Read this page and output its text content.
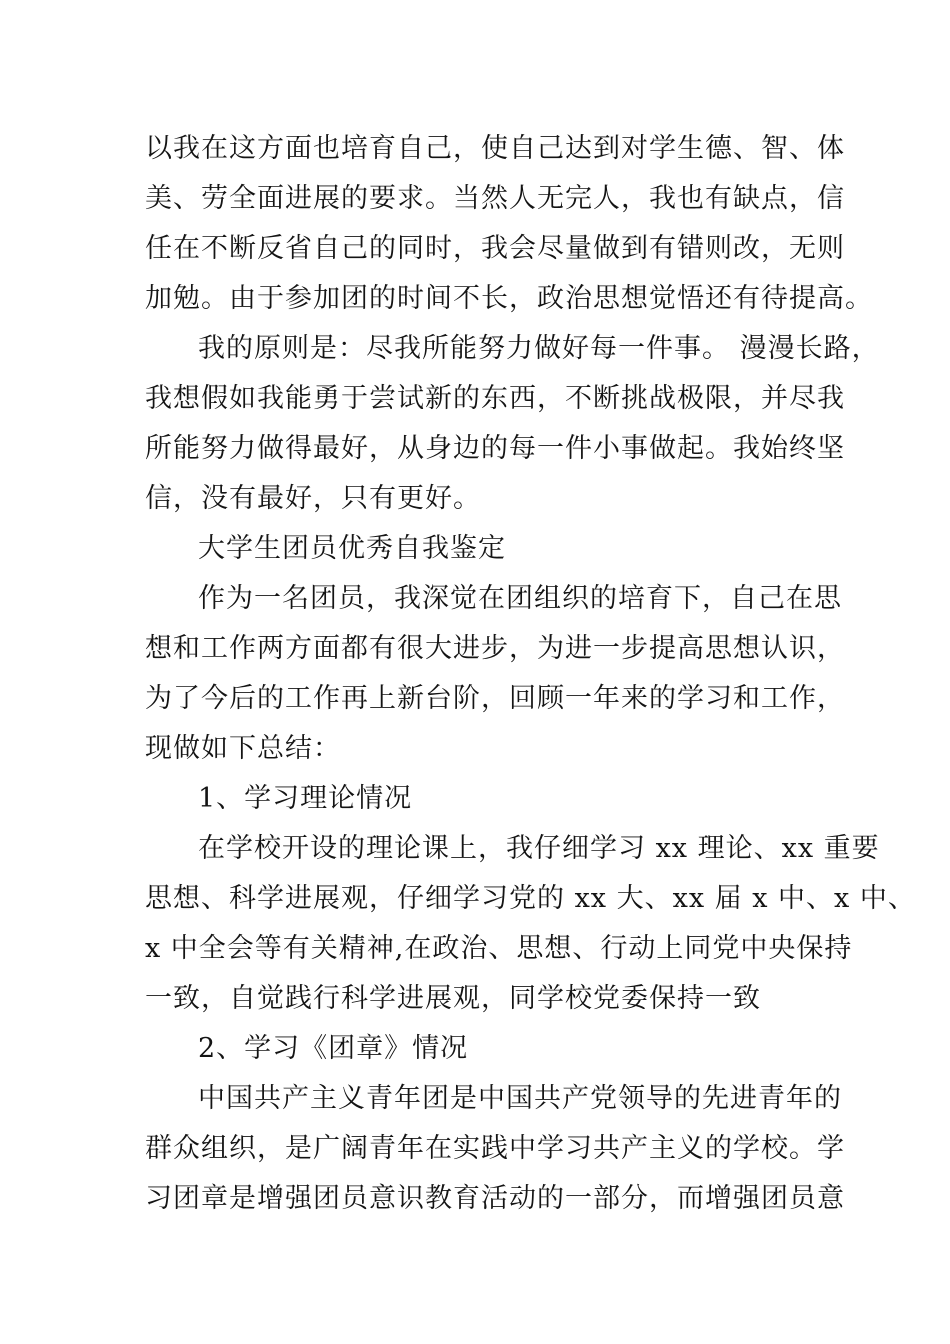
以我在这方面也培育自己，使自己达到对学生德、智、体
美、劳全面进展的要求。当然人无完人，我也有缺点，信
任在不断反省自己的同时，我会尽量做到有错则改，无则
加勉。由于参加团的时间不长，政治思想觉悟还有待提高。
我的原则是：尽我所能努力做好每一件事。 漫漫长路，
我想假如我能勇于尝试新的东西，不断挑战极限，并尽我
所能努力做得最好，从身边的每一件小事做起。我始终坚
信，没有最好，只有更好。
大学生团员优秀自我鉴定
作为一名团员，我深觉在团组织的培育下，自己在思
想和工作两方面都有很大进步，为进一步提高思想认识，
为了今后的工作再上新台阶，回顾一年来的学习和工作，
现做如下总结：
1、学习理论情况
在学校开设的理论课上，我仔细学习 xx 理论、xx 重要
思想、科学进展观，仔细学习党的 xx 大、xx 届 x 中、x 中、
x 中全会等有关精神,在政治、思想、行动上同党中央保持
一致，自觉践行科学进展观，同学校党委保持一致
2、学习《团章》情况
中国共产主义青年团是中国共产党领导的先进青年的
群众组织，是广阔青年在实践中学习共产主义的学校。学
习团章是增强团员意识教育活动的一部分，而增强团员意
